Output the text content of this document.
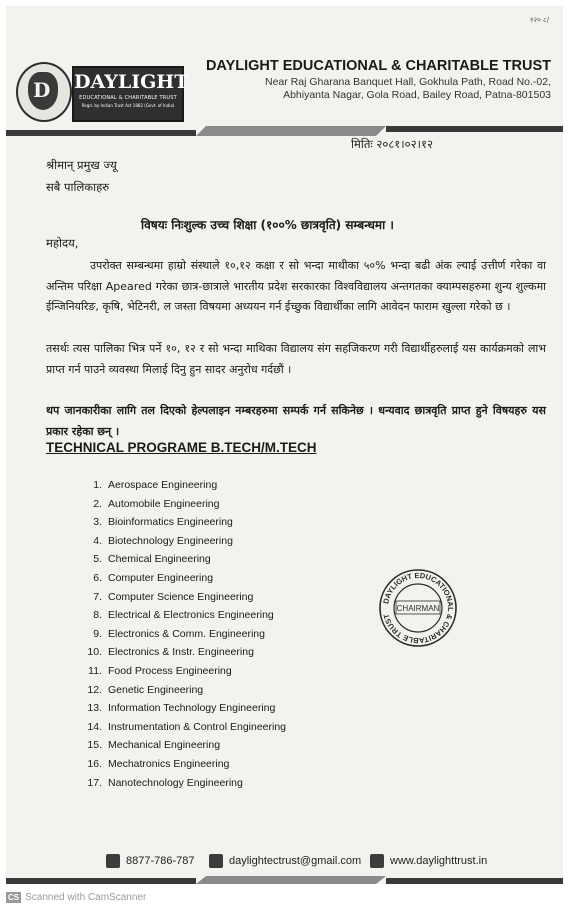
१२० ८/
D DAYLIGHT
EDUCATIONAL & CHARITABLE TRUST
Regd. by Indian Trust Act 1882 (Govt. of India)
DAYLIGHT EDUCATIONAL & CHARITABLE TRUST
Near Raj Gharana Banquet Hall, Gokhula Path, Road No.-02,
Abhiyanta Nagar, Gola Road, Bailey Road, Patna-801503
मितिः २०८१।०२।१२
श्रीमान् प्रमुख ज्यू
सबै पालिकाहरु
विषयः निःशुल्क उच्च शिक्षा (१००% छात्रवृति) सम्बन्धमा ।
महोदय,
उपरोक्त सम्बन्धमा हाम्रो संस्थाले १०,१२ कक्षा र सो भन्दा माथीका ५०% भन्दा बढी अंक ल्याई उत्तीर्ण गरेका वा अन्तिम परिक्षा Apeared गरेका छात्र-छात्राले भारतीय प्रदेश सरकारका विश्वविद्यालय अन्तगतका क्याम्पसहरुमा शुन्य शुल्कमा ईन्जिनियरिङ, कृषि, भेटिनरी, ल जस्ता विषयमा अध्ययन गर्न ईच्छुक विद्यार्थीका लागि आवेदन फाराम खुल्ला गरेको छ ।
तसर्थः त्यस पालिका भित्र पर्ने १०, १२ र सो भन्दा माथिका विद्यालय संग सहजिकरण गरी विद्यार्थीहरुलाई यस कार्यक्रमको लाभ प्राप्त गर्न पाउने व्यवस्था मिलाई दिनु हुन सादर अनुरोध गर्दछौं ।
थप जानकारीका लागि तल दिएको हेल्पलाइन नम्बरहरुमा सम्पर्क गर्न सकिनेछ । धन्यवाद छात्रवृति प्राप्त हुने विषयहरु यस प्रकार रहेका छन् ।
TECHNICAL PROGRAME B.TECH/M.TECH
1. Aerospace Engineering
2. Automobile Engineering
3. Bioinformatics Engineering
4. Biotechnology Engineering
5. Chemical Engineering
6. Computer Engineering
7. Computer Science Engineering
8. Electrical & Electronics Engineering
9. Electronics & Comm. Engineering
10. Electronics & Instr. Engineering
11. Food Process Engineering
12. Genetic Engineering
13. Information Technology Engineering
14. Instrumentation & Control Engineering
15. Mechanical Engineering
16. Mechatronics Engineering
17. Nanotechnology Engineering
DAYLIGHT EDUCATIONAL & CHARITABLE TRUST
CHAIRMAN
8877-786-787	daylightectrust@gmail.com	www.daylighttrust.in
CS Scanned with CamScanner
